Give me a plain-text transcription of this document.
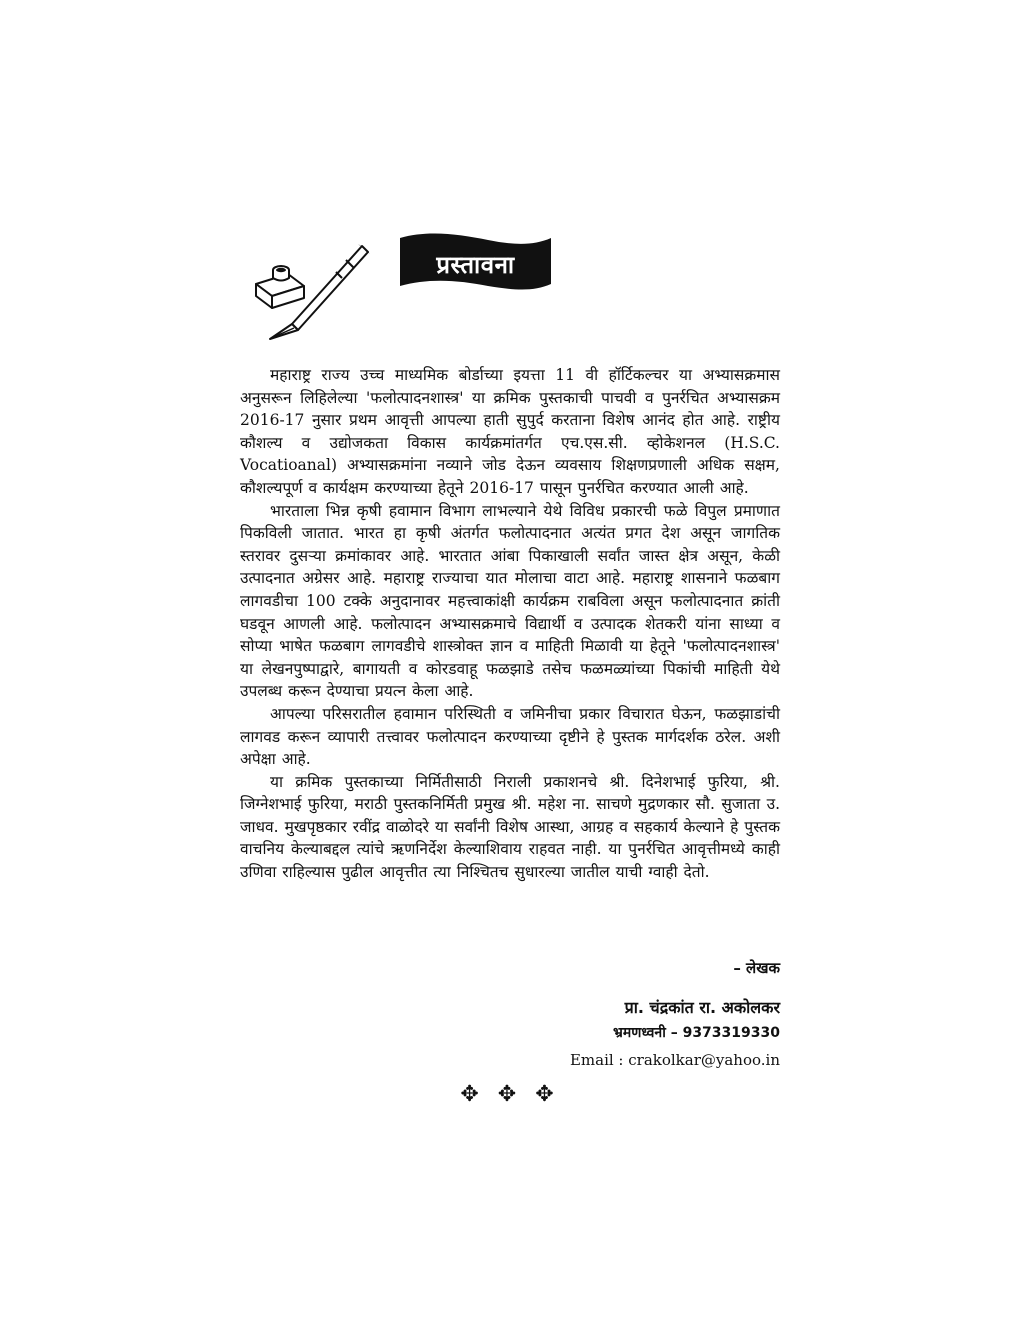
प्रस्तावना

महाराष्ट्र राज्य उच्च माध्यमिक बोर्डाच्या इयत्ता 11 वी हॉर्टिकल्चर या अभ्यासक्रमास अनुसरून लिहिलेल्या 'फलोत्पादनशास्त्र' या क्रमिक पुस्तकाची पाचवी व पुनर्रचित अभ्यासक्रम 2016-17 नुसार प्रथम आवृत्ती आपल्या हाती सुपुर्द करताना विशेष आनंद होत आहे. राष्ट्रीय कौशल्य व उद्योजकता विकास कार्यक्रमांतर्गत एच.एस.सी. व्होकेशनल (H.S.C. Vocatioanal) अभ्यासक्रमांना नव्याने जोड देऊन व्यवसाय शिक्षणप्रणाली अधिक सक्षम, कौशल्यपूर्ण व कार्यक्षम करण्याच्या हेतूने 2016-17 पासून पुनर्रचित करण्यात आली आहे.

भारताला भिन्न कृषी हवामान विभाग लाभल्याने येथे विविध प्रकारची फळे विपुल प्रमाणात पिकविली जातात. भारत हा कृषी अंतर्गत फलोत्पादनात अत्यंत प्रगत देश असून जागतिक स्तरावर दुसऱ्या क्रमांकावर आहे. भारतात आंबा पिकाखाली सर्वांत जास्त क्षेत्र असून, केळी उत्पादनात अग्रेसर आहे. महाराष्ट्र राज्याचा यात मोलाचा वाटा आहे. महाराष्ट्र शासनाने फळबाग लागवडीचा 100 टक्के अनुदानावर महत्त्वाकांक्षी कार्यक्रम राबविला असून फलोत्पादनात क्रांती घडवून आणली आहे. फलोत्पादन अभ्यासक्रमाचे विद्यार्थी व उत्पादक शेतकरी यांना साध्या व सोप्या भाषेत फळबाग लागवडीचे शास्त्रोक्त ज्ञान व माहिती मिळावी या हेतूने 'फलोत्पादनशास्त्र' या लेखनपुष्पाद्वारे, बागायती व कोरडवाहू फळझाडे तसेच फळमळ्यांच्या पिकांची माहिती येथे उपलब्ध करून देण्याचा प्रयत्न केला आहे.

आपल्या परिसरातील हवामान परिस्थिती व जमिनीचा प्रकार विचारात घेऊन, फळझाडांची लागवड करून व्यापारी तत्त्वावर फलोत्पादन करण्याच्या दृष्टीने हे पुस्तक मार्गदर्शक ठरेल. अशी अपेक्षा आहे.

या क्रमिक पुस्तकाच्या निर्मितीसाठी निराली प्रकाशनचे श्री. दिनेशभाई फुरिया, श्री. जिग्नेशभाई फुरिया, मराठी पुस्तकनिर्मिती प्रमुख श्री. महेश ना. साचणे मुद्रणकार सौ. सुजाता उ. जाधव. मुखपृष्ठकार रवींद्र वाळोदरे या सर्वांनी विशेष आस्था, आग्रह व सहकार्य केल्याने हे पुस्तक वाचनिय केल्याबद्दल त्यांचे ऋणनिर्देश केल्याशिवाय राहवत नाही. या पुनर्रचित आवृत्तीमध्ये काही उणिवा राहिल्यास पुढील आवृत्तीत त्या निश्चितच सुधारल्या जातील याची ग्वाही देतो.

– लेखक

प्रा. चंद्रकांत रा. अकोलकर

भ्रमणध्वनी – 9373319330

Email : crakolkar@yahoo.in

✥ ✥ ✥
